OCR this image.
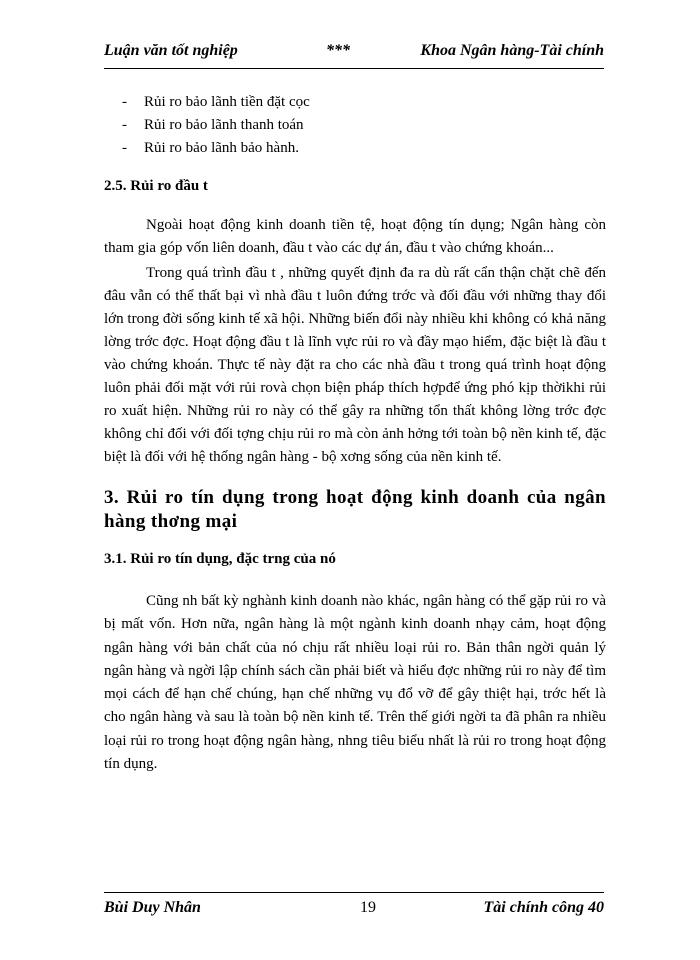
Luận văn tốt nghiệp	***	Khoa Ngân hàng-Tài chính
- Rủi ro bảo lãnh tiền đặt cọc
- Rủi ro bảo lãnh thanh toán
- Rủi ro bảo lãnh bảo hành.
2.5. Rủi ro đầu t

Ngoài hoạt động kinh doanh tiền tệ, hoạt động tín dụng; Ngân hàng còn tham gia góp vốn liên doanh, đầu t vào các dự án, đầu t vào chứng khoán...

Trong quá trình đầu t , những quyết định đa ra dù rất cẩn thận chặt chẽ đến đâu vẫn có thể thất bại vì nhà đầu t luôn đứng trớc và đối đầu với những thay đổi lớn trong đời sống kinh tế xã hội. Những biến đổi này nhiều khi không có khả năng lờng trớc đợc. Hoạt động đầu t là lĩnh vực rủi ro và đầy mạo hiểm, đặc biệt là đầu t vào chứng khoán. Thực tế này đặt ra cho các nhà đầu t trong quá trình hoạt động luôn phải đối mặt với rủi rovà chọn biện pháp thích hợpđể ứng phó kịp thờikhi rủi ro xuất hiện. Những rủi ro này có thể gây ra những tổn thất không lờng trớc đợc không chỉ đối với đối tợng chịu rủi ro mà còn ảnh hởng tới toàn bộ nền kinh tế, đặc biệt là đối với hệ thống ngân hàng - bộ xơng sống của nền kinh tế.

3. Rủi ro tín dụng trong hoạt động kinh doanh của ngân hàng thơng mại
3.1. Rủi ro tín dụng, đặc trng của nó

Cũng nh bất kỳ nghành kinh doanh nào khác, ngân hàng có thể gặp rủi ro và bị mất vốn. Hơn nữa, ngân hàng là một ngành kinh doanh nhạy cảm, hoạt động ngân hàng với bản chất của nó chịu rất nhiều loại rủi ro. Bản thân ngời quản lý ngân hàng và ngời lập chính sách cần phải biết và hiểu đợc những rủi ro này để tìm mọi cách để hạn chế chúng, hạn chế những vụ đổ vỡ để gây thiệt hại, trớc hết là cho ngân hàng và sau là toàn bộ nền kinh tế. Trên thế giới ngời ta đã phân ra nhiều loại rủi ro trong hoạt động ngân hàng, nhng tiêu biểu nhất là rủi ro trong hoạt động tín dụng.

Bùi Duy Nhân	19	Tài chính công 40
